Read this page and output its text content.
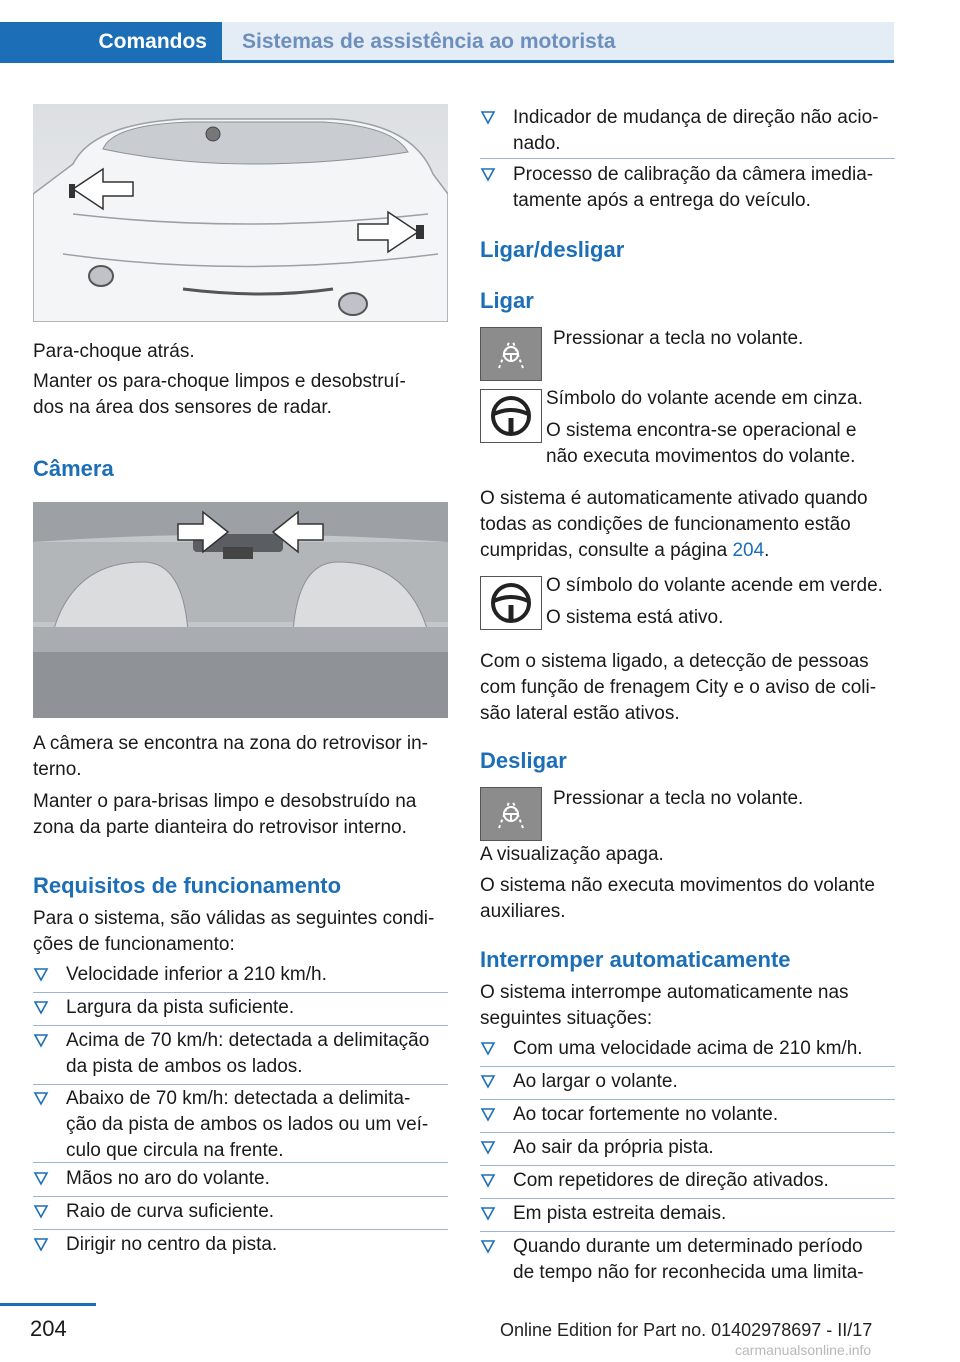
Comandos	Sistemas de assistência ao motorista

Para-choque atrás.

Manter os para-choque limpos e desobstruí-
dos na área dos sensores de radar.

Câmera

A câmera se encontra na zona do retrovisor in-
terno.

Manter o para-brisas limpo e desobstruído na
zona da parte dianteira do retrovisor interno.

Requisitos de funcionamento

Para o sistema, são válidas as seguintes condi-
ções de funcionamento:

Velocidade inferior a 210 km/h.
Largura da pista suficiente.
Acima de 70 km/h: detectada a delimitação
da pista de ambos os lados.
Abaixo de 70 km/h: detectada a delimita-
ção da pista de ambos os lados ou um veí-
culo que circula na frente.
Mãos no aro do volante.
Raio de curva suficiente.
Dirigir no centro da pista.
Indicador de mudança de direção não acio-
nado.
Processo de calibração da câmera imedia-
tamente após a entrega do veículo.
Ligar/desligar
Ligar

Pressionar a tecla no volante.

Símbolo do volante acende em cinza.

O sistema encontra-se operacional e
não executa movimentos do volante.

O sistema é automaticamente ativado quando
todas as condições de funcionamento estão
cumpridas, consulte a página 204.

O símbolo do volante acende em verde.

O sistema está ativo.

Com o sistema ligado, a detecção de pessoas
com função de frenagem City e o aviso de coli-
são lateral estão ativos.

Desligar

Pressionar a tecla no volante.

A visualização apaga.

O sistema não executa movimentos do volante
auxiliares.

Interromper automaticamente

O sistema interrompe automaticamente nas
seguintes situações:

Com uma velocidade acima de 210 km/h.
Ao largar o volante.
Ao tocar fortemente no volante.
Ao sair da própria pista.
Com repetidores de direção ativados.
Em pista estreita demais.
Quando durante um determinado período
de tempo não for reconhecida uma limita-
204	Online Edition for Part no. 01402978697 - II/17
carmanualsonline.info
